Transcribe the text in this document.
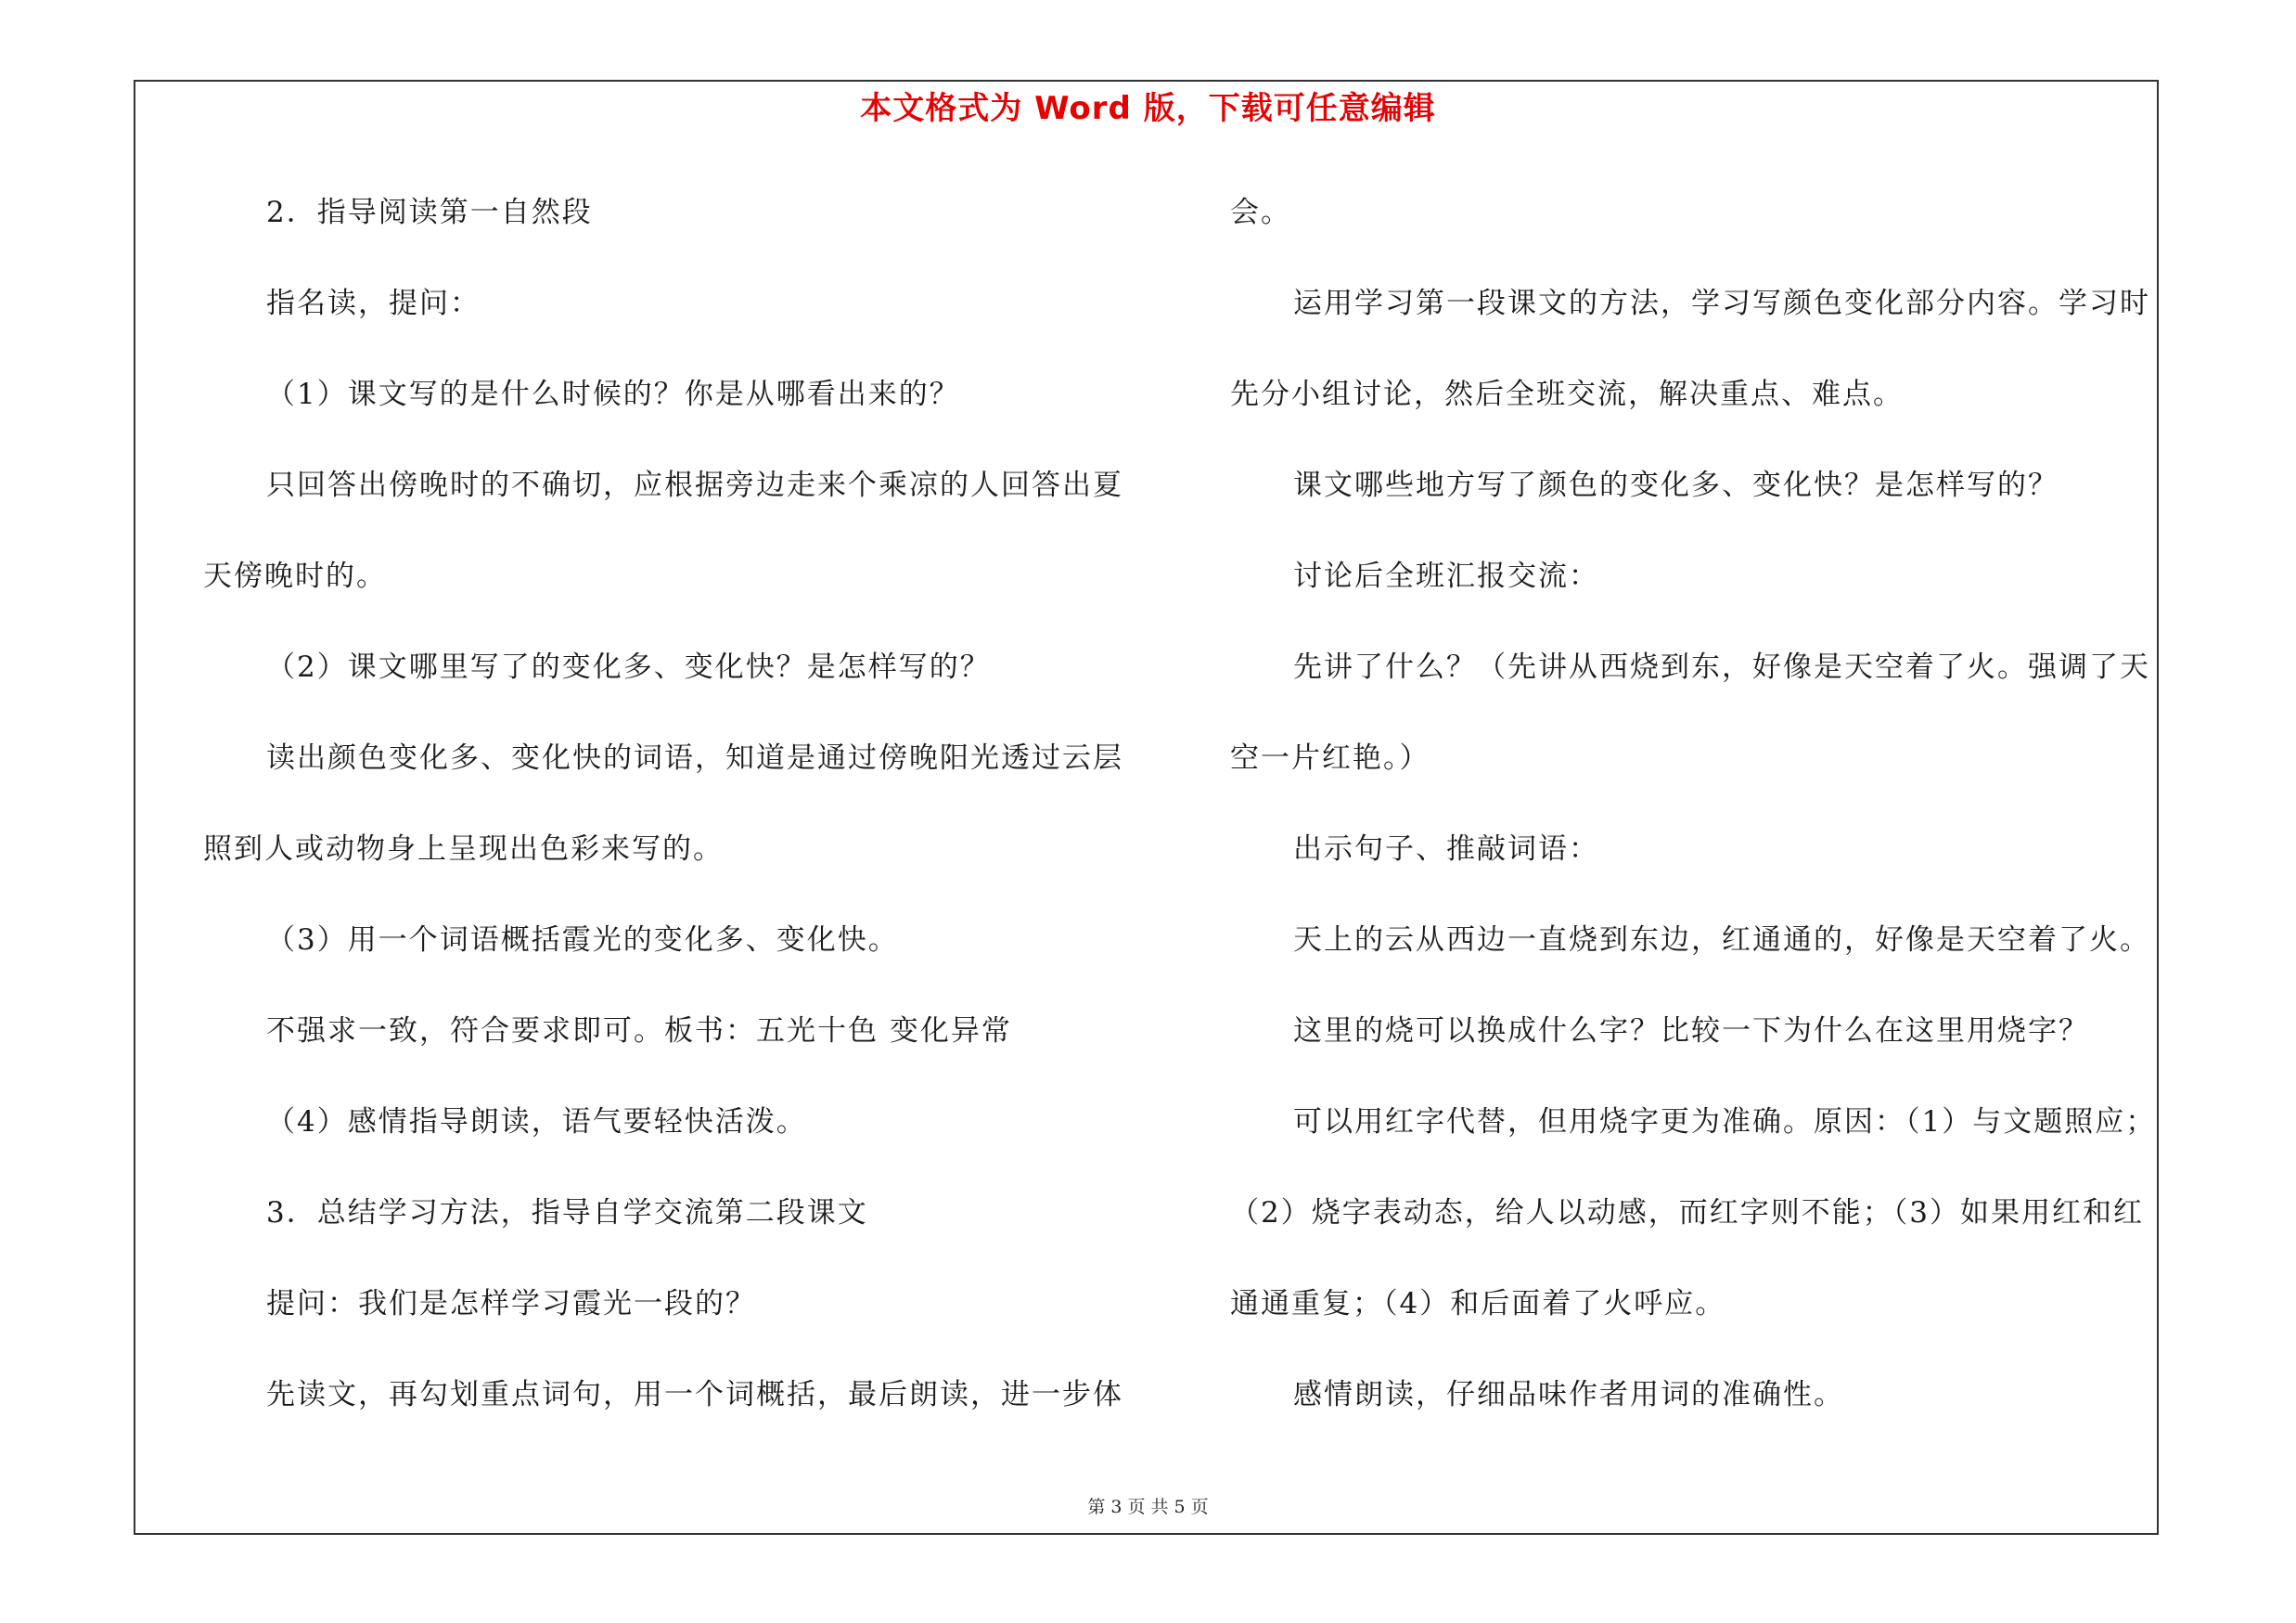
本文格式为 Word 版，下载可任意编辑
2．指导阅读第一自然段
指名读，提问：
（1）课文写的是什么时候的？你是从哪看出来的？
只回答出傍晚时的不确切，应根据旁边走来个乘凉的人回答出夏
天傍晚时的。
（2）课文哪里写了的变化多、变化快？是怎样写的？
读出颜色变化多、变化快的词语，知道是通过傍晚阳光透过云层
照到人或动物身上呈现出色彩来写的。
（3）用一个词语概括霞光的变化多、变化快。
不强求一致，符合要求即可。板书：五光十色 变化异常
（4）感情指导朗读，语气要轻快活泼。
3．总结学习方法，指导自学交流第二段课文
提问：我们是怎样学习霞光一段的？
先读文，再勾划重点词句，用一个词概括，最后朗读，进一步体
会。
运用学习第一段课文的方法，学习写颜色变化部分内容。学习时
先分小组讨论，然后全班交流，解决重点、难点。
课文哪些地方写了颜色的变化多、变化快？是怎样写的？
讨论后全班汇报交流：
先讲了什么？（先讲从西烧到东，好像是天空着了火。强调了天
空一片红艳。）
出示句子、推敲词语：
天上的云从西边一直烧到东边，红通通的，好像是天空着了火。
这里的烧可以换成什么字？比较一下为什么在这里用烧字？
可以用红字代替，但用烧字更为准确。原因：（1）与文题照应；
（2）烧字表动态，给人以动感，而红字则不能；（3）如果用红和红
通通重复；（4）和后面着了火呼应。
感情朗读，仔细品味作者用词的准确性。
第 3 页 共 5 页
